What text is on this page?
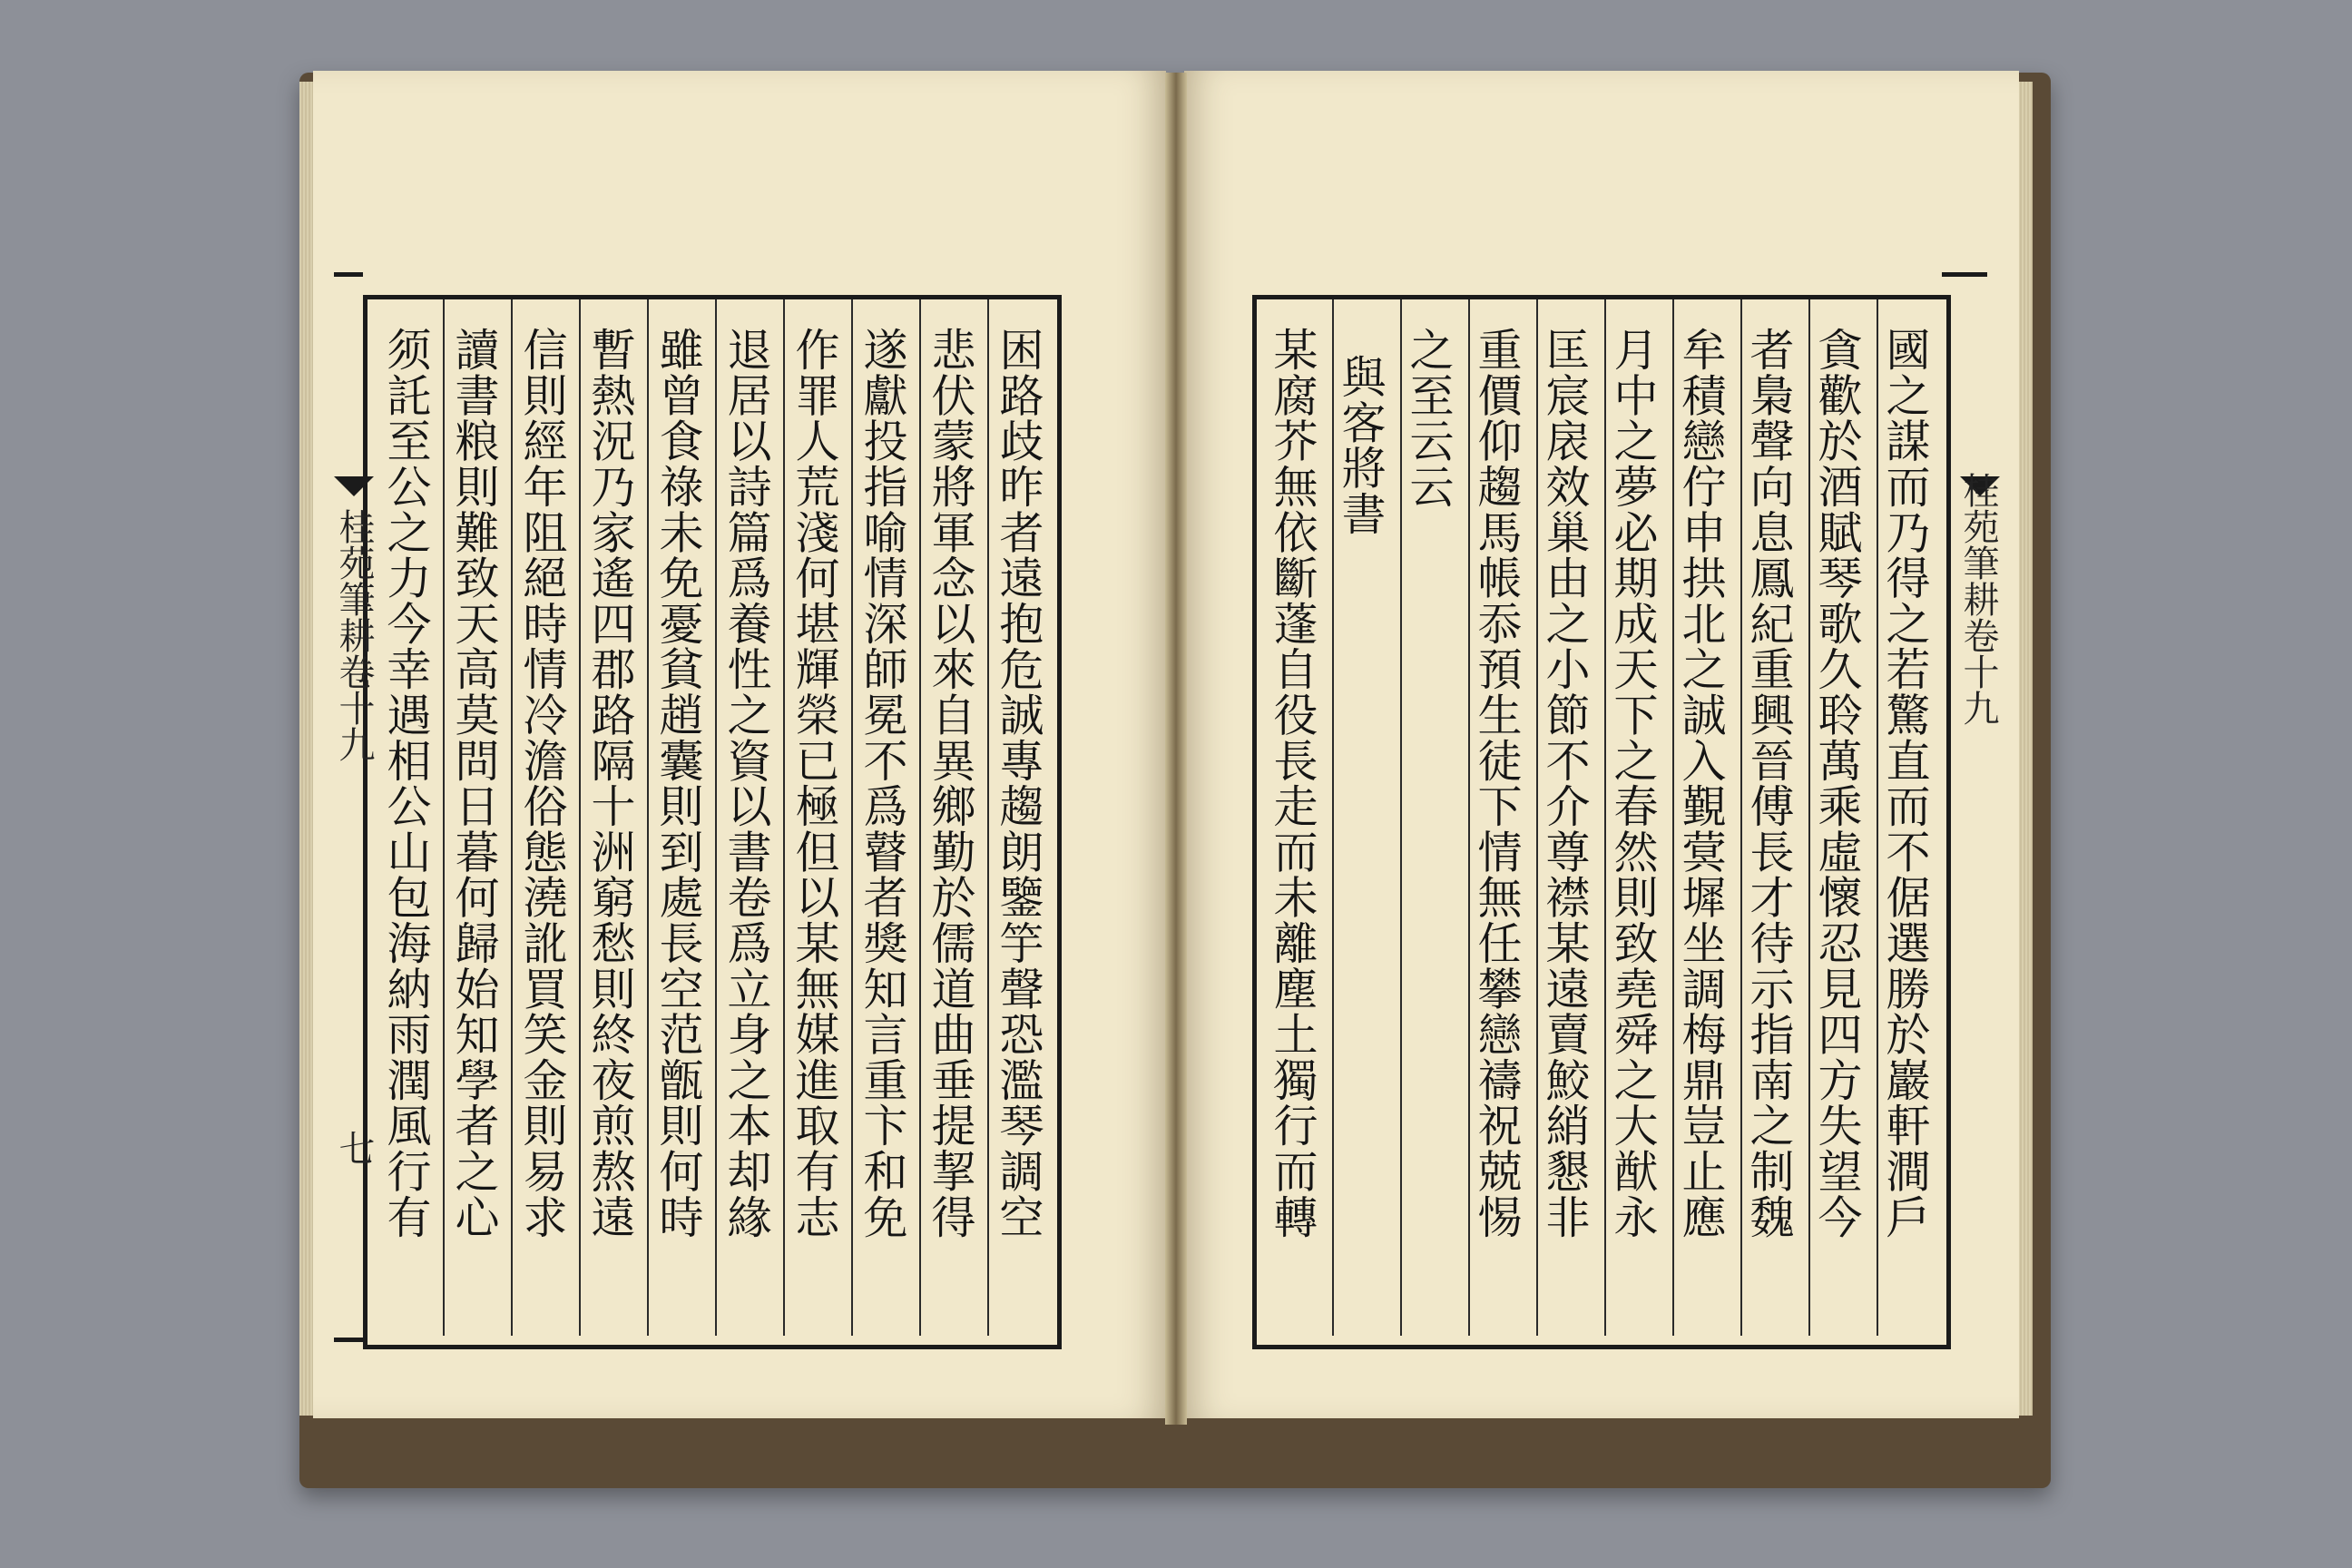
桂苑筆耕卷十九
七
桂苑筆耕卷十九
须託至公之力今幸遇相公山包海納雨潤風行有 讀書粮則難致天高莫問日暮何歸始知學者之心 信則經年阻絕時情冷澹俗態澆訛買笑金則易求 暫熱況乃家遙四郡路隔十洲窮愁則終夜煎熬遠 雖曾食祿未免憂貧趙囊則到處長空范甑則何時 退居以詩篇爲養性之資以書卷爲立身之本却緣 作罪人荒淺何堪輝榮已極但以某無媒進取有志 遂獻投指喻情深師冕不爲瞽者獎知言重卞和免 悲伏蒙將軍念以來自異鄉勤於儒道曲垂提挈得 困路歧昨者遠抱危誠專趨朗鑒竽聲恐濫琴調空	某腐芥無依斷蓬自役長走而未離塵土獨行而轉 與客將書 之至云云 重價仰趨馬帳忝預生徒下情無任攀戀禱祝兢惕 匡宸扆效巢由之小節不介尊襟某遠賣鮫綃懇非 月中之夢必期成天下之春然則致堯舜之大猷永 牟積戀佇申拱北之誠入覲蓂墀坐調梅鼎豈止應 者梟聲向息鳳紀重興晉傅長才待示指南之制魏 貪歡於酒賦琴歌久聆萬乘虛懷忍見四方失望今 國之謀而乃得之若驚直而不倨選勝於巖軒澗戶
